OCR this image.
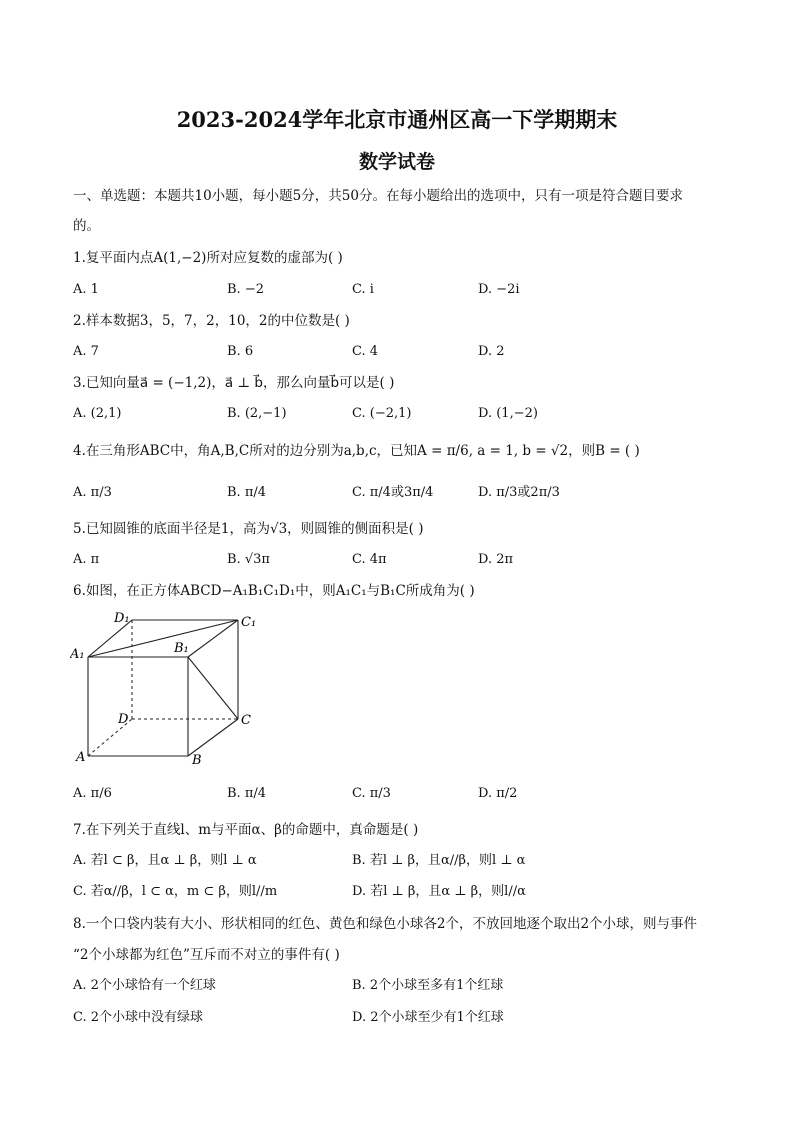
2023-2024学年北京市通州区高一下学期期末
数学试卷
一、单选题：本题共10小题，每小题5分，共50分。在每小题给出的选项中，只有一项是符合题目要求
的。
1.复平面内点A(1,−2)所对应复数的虚部为( )
A. 1	B. −2	C. i	D. −2i
2.样本数据3，5，7，2，10，2的中位数是( )
A. 7	B. 6	C. 4	D. 2
3.已知向量a⃗ = (−1,2)，a⃗ ⊥ b⃗，那么向量b⃗可以是( )
A. (2,1)	B. (2,−1)	C. (−2,1)	D. (1,−2)
4.在三角形ABC中，角A,B,C所对的边分别为a,b,c，已知A = π/6, a = 1, b = √2，则B = ( )
A. π/3	B. π/4	C. π/4或3π/4	D. π/3或2π/3
5.已知圆锥的底面半径是1，高为√3，则圆锥的侧面积是( )
A. π	B. √3π	C. 4π	D. 2π
6.如图，在正方体ABCD−A₁B₁C₁D₁中，则A₁C₁与B₁C所成角为( )
D₁	C₁
A₁	B₁
D	C
A	B
A. π/6	B. π/4	C. π/3	D. π/2
7.在下列关于直线l、m与平面α、β的命题中，真命题是( )
A. 若l ⊂ β，且α ⊥ β，则l ⊥ α	B. 若l ⊥ β，且α//β，则l ⊥ α
C. 若α//β，l ⊂ α，m ⊂ β，则l//m	D. 若l ⊥ β，且α ⊥ β，则l//α
8.一个口袋内装有大小、形状相同的红色、黄色和绿色小球各2个，不放回地逐个取出2个小球，则与事件
“2个小球都为红色”互斥而不对立的事件有( )
A. 2个小球恰有一个红球	B. 2个小球至多有1个红球
C. 2个小球中没有绿球	D. 2个小球至少有1个红球
